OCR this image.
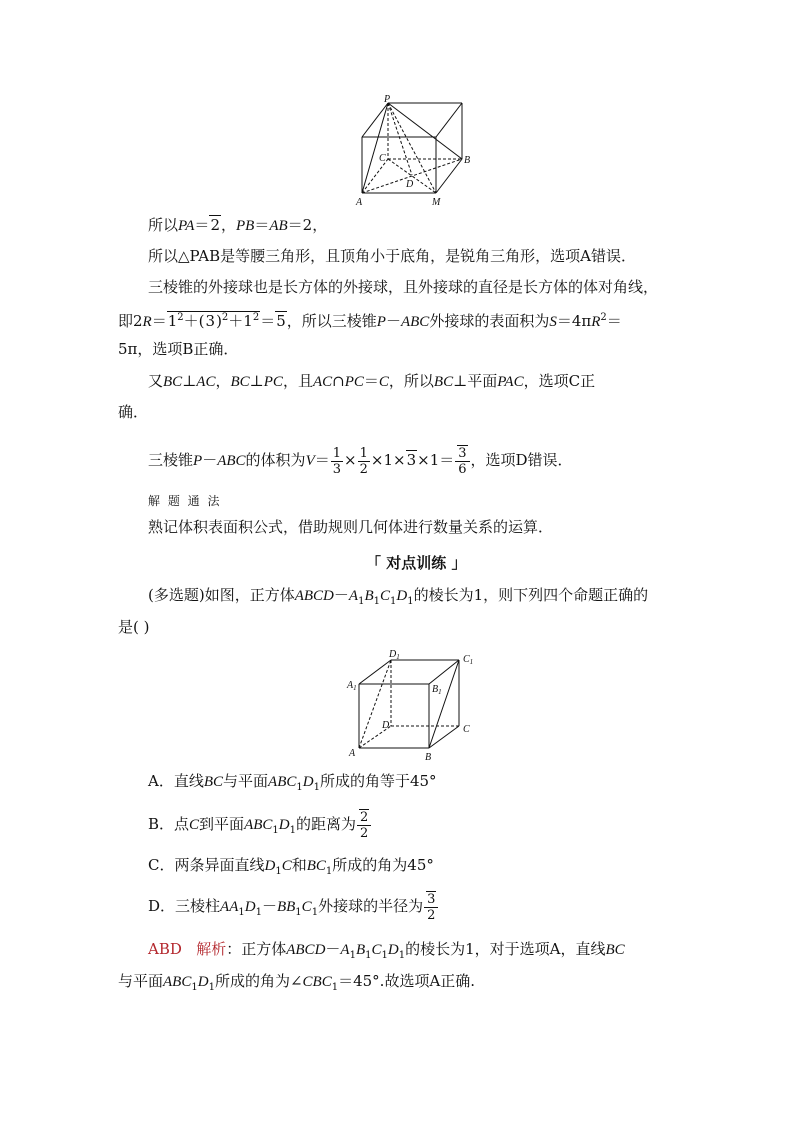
P
B
C
D
A	M
所以PA＝2，PB＝AB＝2，
所以△PAB是等腰三角形，且顶角小于底角，是锐角三角形，选项A错误．
三棱锥的外接球也是长方体的外接球，且外接球的直径是长方体的体对角线，
即$2R=1^2+(3)^2+1^2=5$，所以三棱锥P－ABC外接球的表面积为$S=4\pi R^2=$
5π，选项B正确．
又BC⊥AC，BC⊥PC，且AC∩PC＝C，所以BC⊥平面PAC，选项C正
确．
三棱锥P－ABC的体积为$V= \frac{1}{3} \times \frac{1}{2} \times 1\times 3\times 1= \frac{3}{6}$ ，选项D错误．
解 题 通 法
熟记体积表面积公式，借助规则几何体进行数量关系的运算．
「 对点训练 」
(多选题)如图，正方体$ABCD-A_1B_1C_1D_1$的棱长为1，则下列四个命题正确的
是( )
$D_1$	$C_1$
$A_1$	$B_1$
D	C
A	B
A．直线BC与平面$ABC_1D_1$所成的角等于45°
B．点C到平面$ABC_1D_1$的距离为 $\frac{2}{2}$
C．两条异面直线$D_1C$和$BC_1$所成的角为45°
D．三棱柱$AA_1D_1-BB_1C_1$外接球的半径为 $\frac{3}{2}$
ABD 解析：正方体$ABCD-A_1B_1C_1D_1$的棱长为1，对于选项A，直线BC
与平面$ABC_1D_1$所成的角为$\angle CBC_1=45^\circ$.故选项A正确.
